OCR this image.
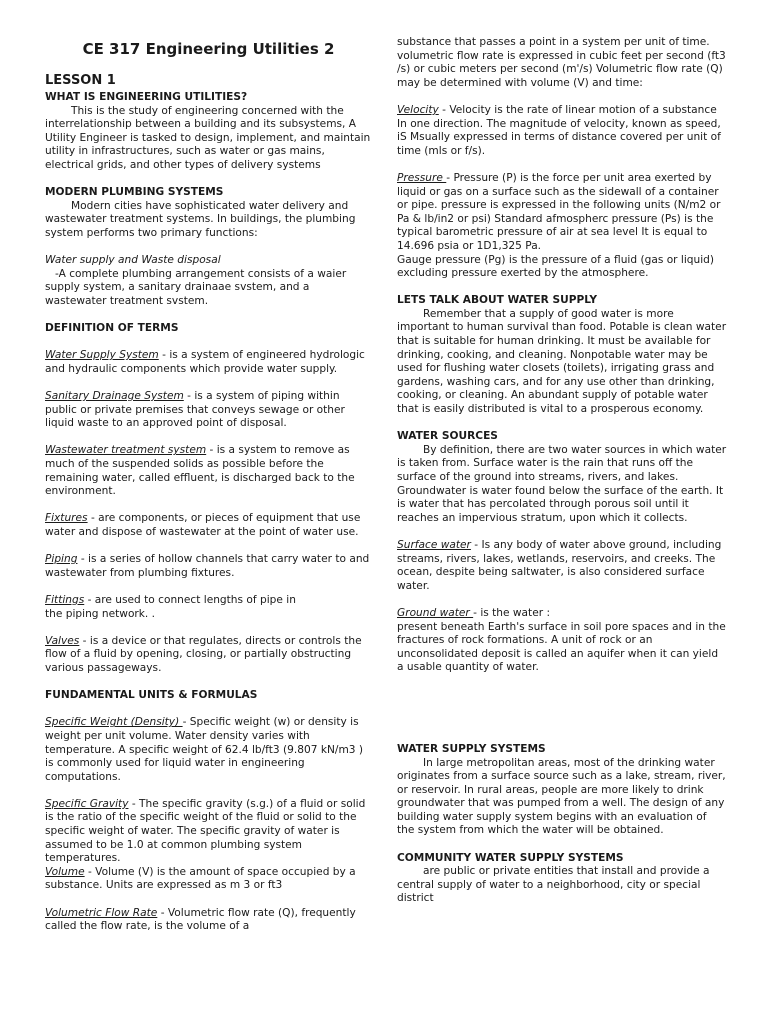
CE 317 Engineering Utilities 2

LESSON 1

WHAT IS ENGINEERING UTILITIES?

This is the study of engineering concerned with the interrelationship between a building and its subsystems, A Utility Engineer is tasked to design, implement, and maintain utility in infrastructures, such as water or gas mains, electrical grids, and other types of delivery systems

MODERN PLUMBING SYSTEMS

Modern cities have sophisticated water delivery and wastewater treatment systems. In buildings, the plumbing system performs two primary functions:

Water supply and Waste disposal

-A complete plumbing arrangement consists of a waier supply system, a sanitary drainaae svstem, and a wastewater treatment svstem.

DEFINITION OF TERMS

Water Supply System - is a system of engineered hydrologic and hydraulic components which provide water supply.

Sanitary Drainage System - is a system of piping within public or private premises that conveys sewage or other liquid waste to an approved point of disposal.

Wastewater treatment system - is a system to remove as much of the suspended solids as possible before the remaining water, called effluent, is discharged back to the environment.

Fixtures - are components, or pieces of equipment that use water and dispose of wastewater at the point of water use.

Piping - is a series of hollow channels that carry water to and wastewater from plumbing fixtures.

Fittings - are used to connect lengths of pipe in

the piping network. .

Valves - is a device or that regulates, directs or controls the flow of a fluid by opening, closing, or partially obstructing various passageways.

FUNDAMENTAL UNITS & FORMULAS

Specific Weight (Density) - Specific weight (w) or density is weight per unit volume. Water density varies with temperature. A specific weight of 62.4 lb/ft3 (9.807 kN/m3 ) is commonly used for liquid water in engineering computations.

Specific Gravity - The specific gravity (s.g.) of a fluid or solid is the ratio of the specific weight of the fluid or solid to the specific weight of water. The specific gravity of water is assumed to be 1.0 at common plumbing system temperatures.

Volume - Volume (V) is the amount of space occupied by a substance. Units are expressed as m 3 or ft3

Volumetric Flow Rate - Volumetric flow rate (Q), frequently called the flow rate, is the volume of a

substance that passes a point in a system per unit of time. volumetric flow rate is expressed in cubic feet per second (ft3 /s) or cubic meters per second (m'/s) Volumetric flow rate (Q) may be determined with volume (V) and time:

Velocity - Velocity is the rate of linear motion of a substance In one direction. The magnitude of velocity, known as speed, iS Msually expressed in terms of distance covered per unit of time (mls or f/s).

Pressure - Pressure (P) is the force per unit area exerted by liquid or gas on a surface such as the sidewall of a container or pipe. pressure is expressed in the following units (N/m2 or Pa & lb/in2 or psi) Standard afmospherc pressure (Ps) is the typical barometric pressure of air at sea level It is equal to 14.696 psia or 1D1,325 Pa.

Gauge pressure (Pg) is the pressure of a fluid (gas or liquid) excluding pressure exerted by the atmosphere.

LETS TALK ABOUT WATER SUPPLY

Remember that a supply of good water is more important to human survival than food. Potable is clean water that is suitable for human drinking. It must be available for drinking, cooking, and cleaning. Nonpotable water may be used for flushing water closets (toilets), irrigating grass and gardens, washing cars, and for any use other than drinking, cooking, or cleaning. An abundant supply of potable water that is easily distributed is vital to a prosperous economy.

WATER SOURCES

By definition, there are two water sources in which water is taken from. Surface water is the rain that runs off the surface of the ground into streams, rivers, and lakes. Groundwater is water found below the surface of the earth. It is water that has percolated through porous soil until it reaches an impervious stratum, upon which it collects.

Surface water - Is any body of water above ground, including streams, rivers, lakes, wetlands, reservoirs, and creeks. The ocean, despite being saltwater, is also considered surface water.

Ground water - is the water :

present beneath Earth's surface in soil pore spaces and in the fractures of rock formations. A unit of rock or an unconsolidated deposit is called an aquifer when it can yield a usable quantity of water.

WATER SUPPLY SYSTEMS

In large metropolitan areas, most of the drinking water originates from a surface source such as a lake, stream, river, or reservoir. In rural areas, people are more likely to drink groundwater that was pumped from a well. The design of any building water supply system begins with an evaluation of the system from which the water will be obtained.

COMMUNITY WATER SUPPLY SYSTEMS

are public or private entities that install and provide a central supply of water to a neighborhood, city or special district
